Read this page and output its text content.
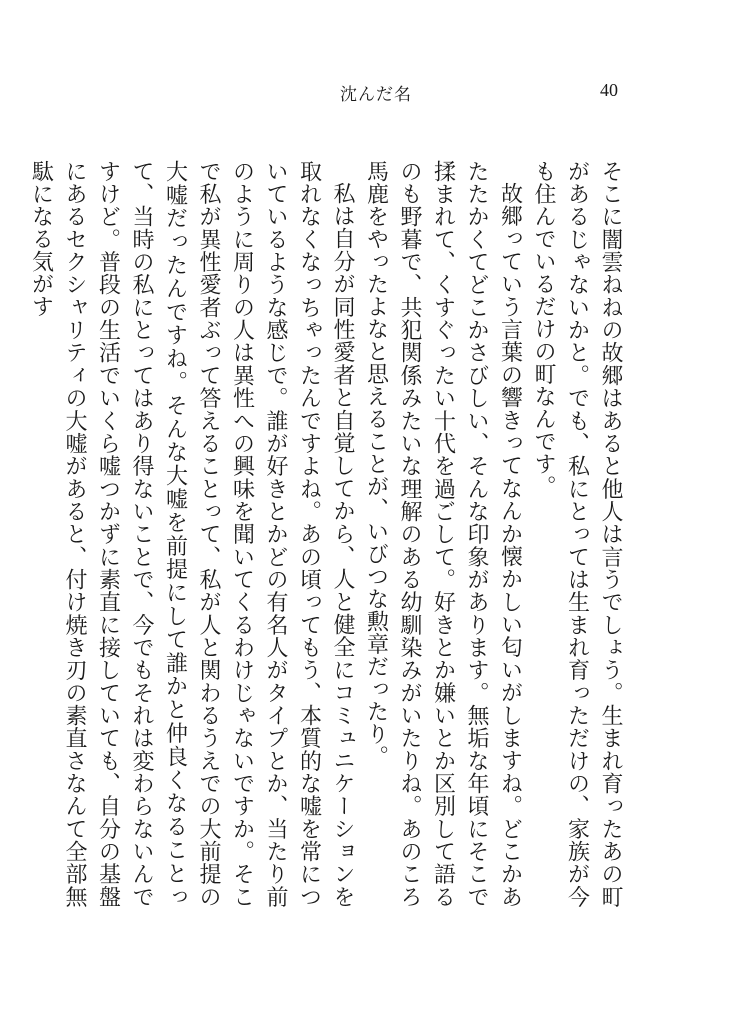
沈んだ名	40

そこに闇雲ねねの故郷はあると他人は言うでしょう。生まれ育ったあの町があるじゃないかと。でも、私にとっては生まれ育っただけの、家族が今も住んでいるだけの町なんです。

故郷っていう言葉の響きってなんか懐かしい匂いがしますね。どこかあたたかくてどこかさびしい、そんな印象があります。無垢な年頃にそこで揉まれて、くすぐったい十代を過ごして。好きとか嫌いとか区別して語るのも野暮で、共犯関係みたいな理解のある幼馴染みがいたりね。あのころ馬鹿をやったよなと思えることが、いびつな勲章だったり。

私は自分が同性愛者と自覚してから、人と健全にコミュニケーションを取れなくなっちゃったんですよね。あの頃ってもう、本質的な嘘を常についているような感じで。誰が好きとかどの有名人がタイプとか、当たり前のように周りの人は異性への興味を聞いてくるわけじゃないですか。そこで私が異性愛者ぶって答えることって、私が人と関わるうえでの大前提の大嘘だったんですね。そんな大嘘を前提にして誰かと仲良くなることって、当時の私にとってはあり得ないことで、今でもそれは変わらないんですけど。普段の生活でいくら嘘つかずに素直に接していても、自分の基盤にあるセクシャリティの大嘘があると、付け焼き刃の素直さなんて全部無駄になる気がす
